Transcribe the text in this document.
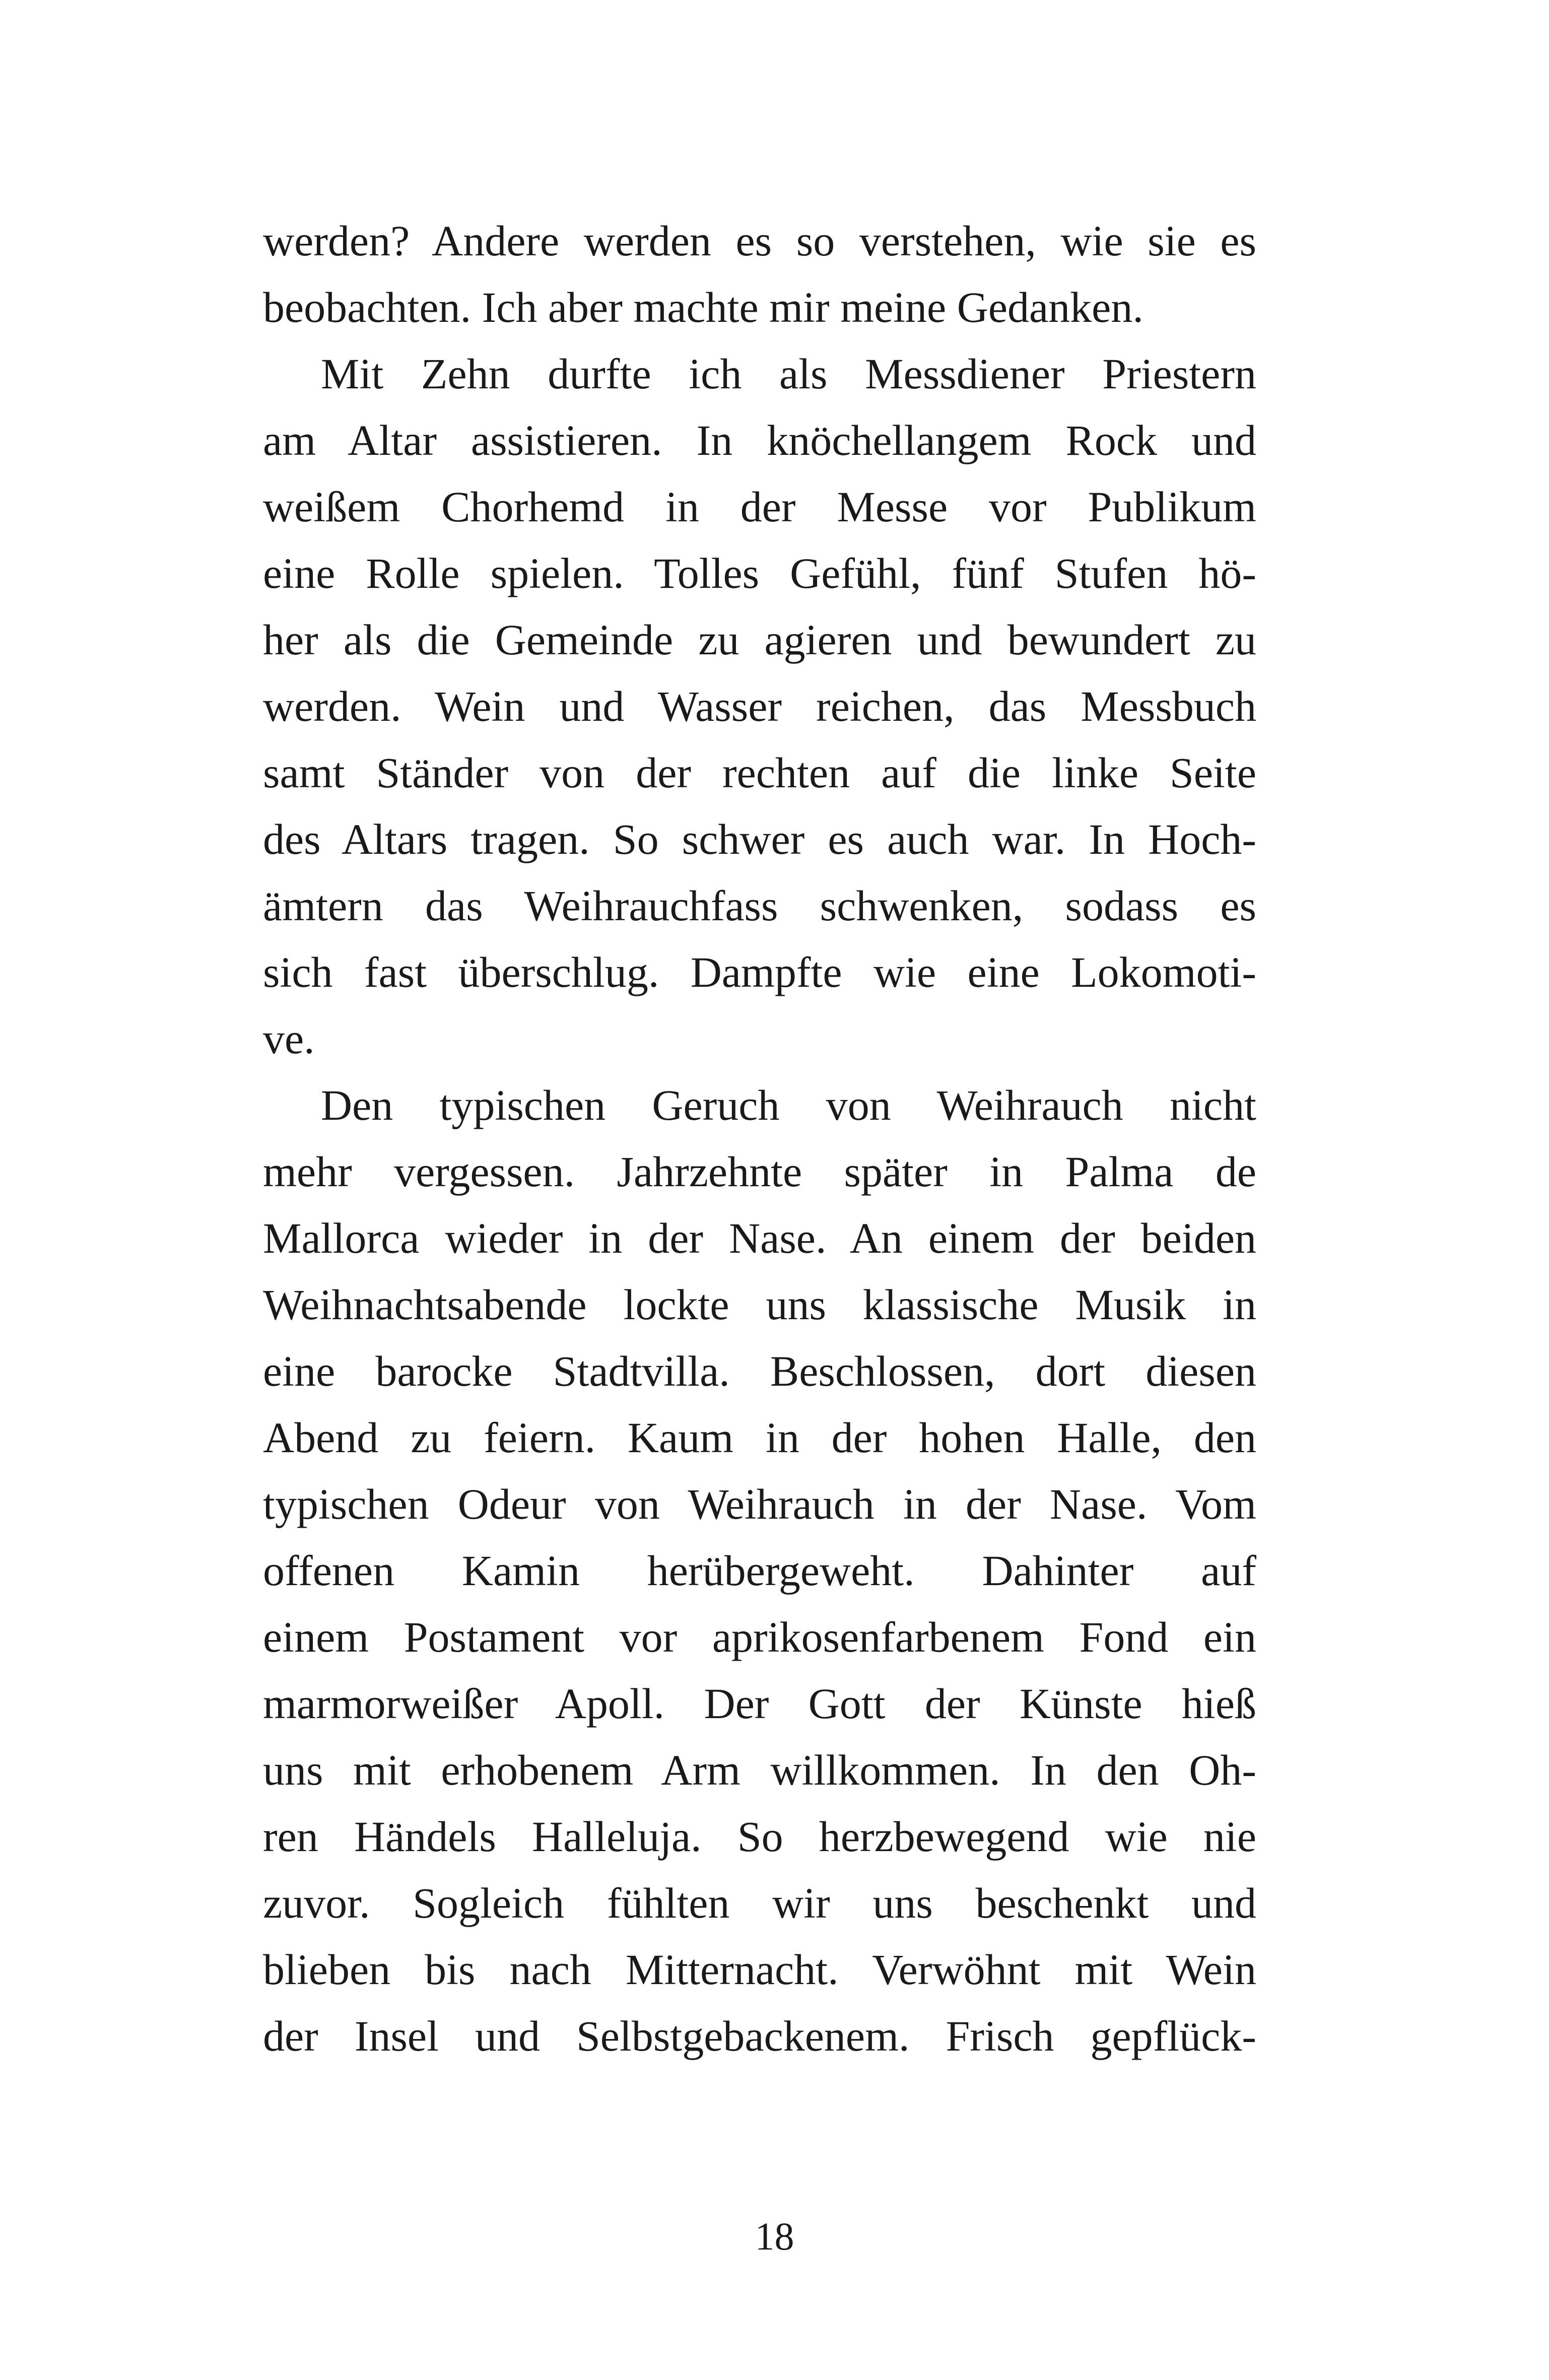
werden? Andere werden es so verstehen, wie sie es
beobachten. Ich aber machte mir meine Gedanken.
Mit Zehn durfte ich als Messdiener Priestern
am Altar assistieren. In knöchellangem Rock und
weißem Chorhemd in der Messe vor Publikum
eine Rolle spielen. Tolles Gefühl, fünf Stufen hö-
her als die Gemeinde zu agieren und bewundert zu
werden. Wein und Wasser reichen, das Messbuch
samt Ständer von der rechten auf die linke Seite
des Altars tragen. So schwer es auch war. In Hoch-
ämtern das Weihrauchfass schwenken, sodass es
sich fast überschlug. Dampfte wie eine Lokomoti-
ve.
Den typischen Geruch von Weihrauch nicht
mehr vergessen. Jahrzehnte später in Palma de
Mallorca wieder in der Nase. An einem der beiden
Weihnachtsabende lockte uns klassische Musik in
eine barocke Stadtvilla. Beschlossen, dort diesen
Abend zu feiern. Kaum in der hohen Halle, den
typischen Odeur von Weihrauch in der Nase. Vom
offenen Kamin herübergeweht. Dahinter auf
einem Postament vor aprikosenfarbenem Fond ein
marmorweißer Apoll. Der Gott der Künste hieß
uns mit erhobenem Arm willkommen. In den Oh-
ren Händels Halleluja. So herzbewegend wie nie
zuvor. Sogleich fühlten wir uns beschenkt und
blieben bis nach Mitternacht. Verwöhnt mit Wein
der Insel und Selbstgebackenem. Frisch gepflück-
18
